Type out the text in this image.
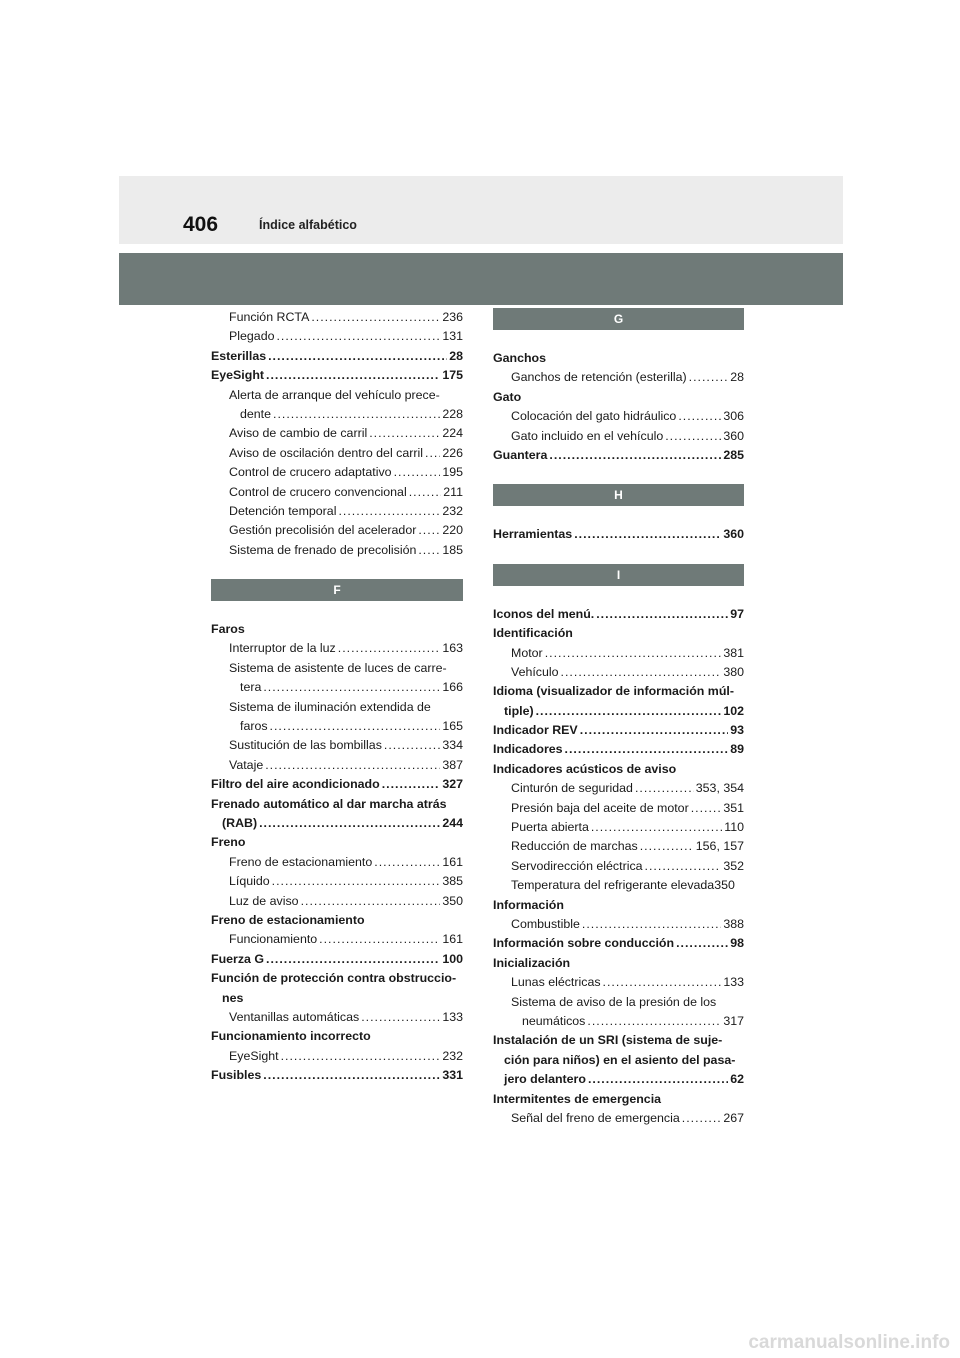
406	Índice alfabético
Función RCTA .....	236
Plegado .....	131
Esterillas .....	28
EyeSight .....	175
Alerta de arranque del vehículo prece-
dente .....	228
Aviso de cambio de carril .....	224
Aviso de oscilación dentro del carril ..... 226
Control de crucero adaptativo .....	195
Control de crucero convencional .....	211
Detención temporal .....	232
Gestión precolisión del acelerador ..... 220
Sistema de frenado de precolisión ..... 185
F
Faros
Interruptor de la luz .....	163
Sistema de asistente de luces de carre-
tera .....	166
Sistema de iluminación extendida de
faros .....	165
Sustitución de las bombillas .....	334
Vataje .....	387
Filtro del aire acondicionado .....	327
Frenado automático al dar marcha atrás
(RAB) .....	244
Freno
Freno de estacionamiento .....	161
Líquido .....	385
Luz de aviso .....	350
Freno de estacionamiento
Funcionamiento .....	161
Fuerza G .....	100
Función de protección contra obstruccio-
nes
Ventanillas automáticas .....	133
Funcionamiento incorrecto
EyeSight .....	232
Fusibles .....	331
G
Ganchos
Ganchos de retención (esterilla) .....	28
Gato
Colocación del gato hidráulico .....	306
Gato incluido en el vehículo .....	360
Guantera .....	285
H
Herramientas .....	360
I
Iconos del menú. .....	97
Identificación
Motor .....	381
Vehículo .....	380
Idioma (visualizador de información múl-
tiple) .....	102
Indicador REV .....	93
Indicadores .....	89
Indicadores acústicos de aviso
Cinturón de seguridad .....	353, 354
Presión baja del aceite de motor .....	351
Puerta abierta .....	110
Reducción de marchas .....	156, 157
Servodirección eléctrica .....	352
Temperatura del refrigerante elevada 350
Información
Combustible .....	388
Información sobre conducción .....	98
Inicialización
Lunas eléctricas .....	133
Sistema de aviso de la presión de los
neumáticos .....	317
Instalación de un SRI (sistema de suje-
ción para niños) en el asiento del pasa-
jero delantero .....	62
Intermitentes de emergencia
Señal del freno de emergencia .....	267
carmanualsonline.info
